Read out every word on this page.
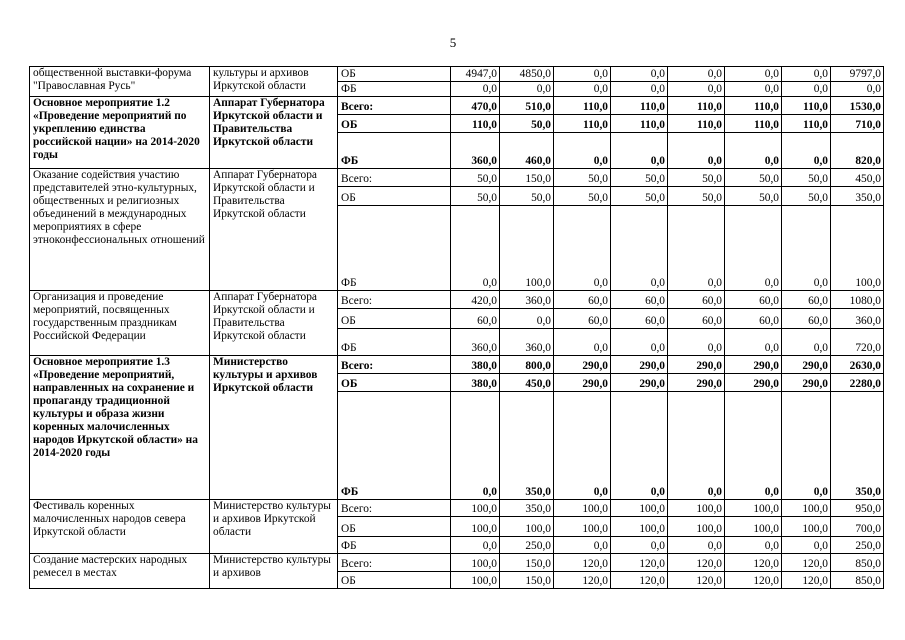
5
общественной выставки-форума "Православная Русь"	культуры и архивов Иркутской области	ОБ	4947,0	4850,0	0,0	0,0	0,0	0,0	0,0	9797,0
		ФБ	0,0	0,0	0,0	0,0	0,0	0,0	0,0	0,0
Основное мероприятие 1.2 «Проведение мероприятий по укреплению единства российской нации» на 2014-2020 годы	Аппарат Губернатора Иркутской области и Правительства Иркутской области	Всего:	470,0	510,0	110,0	110,0	110,0	110,0	110,0	1530,0
		ОБ	110,0	50,0	110,0	110,0	110,0	110,0	110,0	710,0
		ФБ	360,0	460,0	0,0	0,0	0,0	0,0	0,0	820,0
Оказание содействия участию представителей этно-культурных, общественных и религиозных объединений в международных мероприятиях в сфере этноконфессиональных отношений	Аппарат Губернатора Иркутской области и Правительства Иркутской области	Всего:	50,0	150,0	50,0	50,0	50,0	50,0	50,0	450,0
		ОБ	50,0	50,0	50,0	50,0	50,0	50,0	50,0	350,0
		ФБ	0,0	100,0	0,0	0,0	0,0	0,0	0,0	100,0
Организация и проведение мероприятий, посвященных государственным праздникам Российской Федерации	Аппарат Губернатора Иркутской области и Правительства Иркутской области	Всего:	420,0	360,0	60,0	60,0	60,0	60,0	60,0	1080,0
		ОБ	60,0	0,0	60,0	60,0	60,0	60,0	60,0	360,0
		ФБ	360,0	360,0	0,0	0,0	0,0	0,0	0,0	720,0
Основное мероприятие 1.3 «Проведение мероприятий, направленных на сохранение и пропаганду традиционной культуры и образа жизни коренных малочисленных народов Иркутской области» на 2014-2020 годы	Министерство культуры и архивов Иркутской области	Всего:	380,0	800,0	290,0	290,0	290,0	290,0	290,0	2630,0
		ОБ	380,0	450,0	290,0	290,0	290,0	290,0	290,0	2280,0
		ФБ	0,0	350,0	0,0	0,0	0,0	0,0	0,0	350,0
Фестиваль коренных малочисленных народов севера Иркутской области	Министерство культуры и архивов Иркутской области	Всего:	100,0	350,0	100,0	100,0	100,0	100,0	100,0	950,0
		ОБ	100,0	100,0	100,0	100,0	100,0	100,0	100,0	700,0
		ФБ	0,0	250,0	0,0	0,0	0,0	0,0	0,0	250,0
Создание мастерских народных ремесел в местах	Министерство культуры и архивов	Всего:	100,0	150,0	120,0	120,0	120,0	120,0	120,0	850,0
		ОБ	100,0	150,0	120,0	120,0	120,0	120,0	120,0	850,0
